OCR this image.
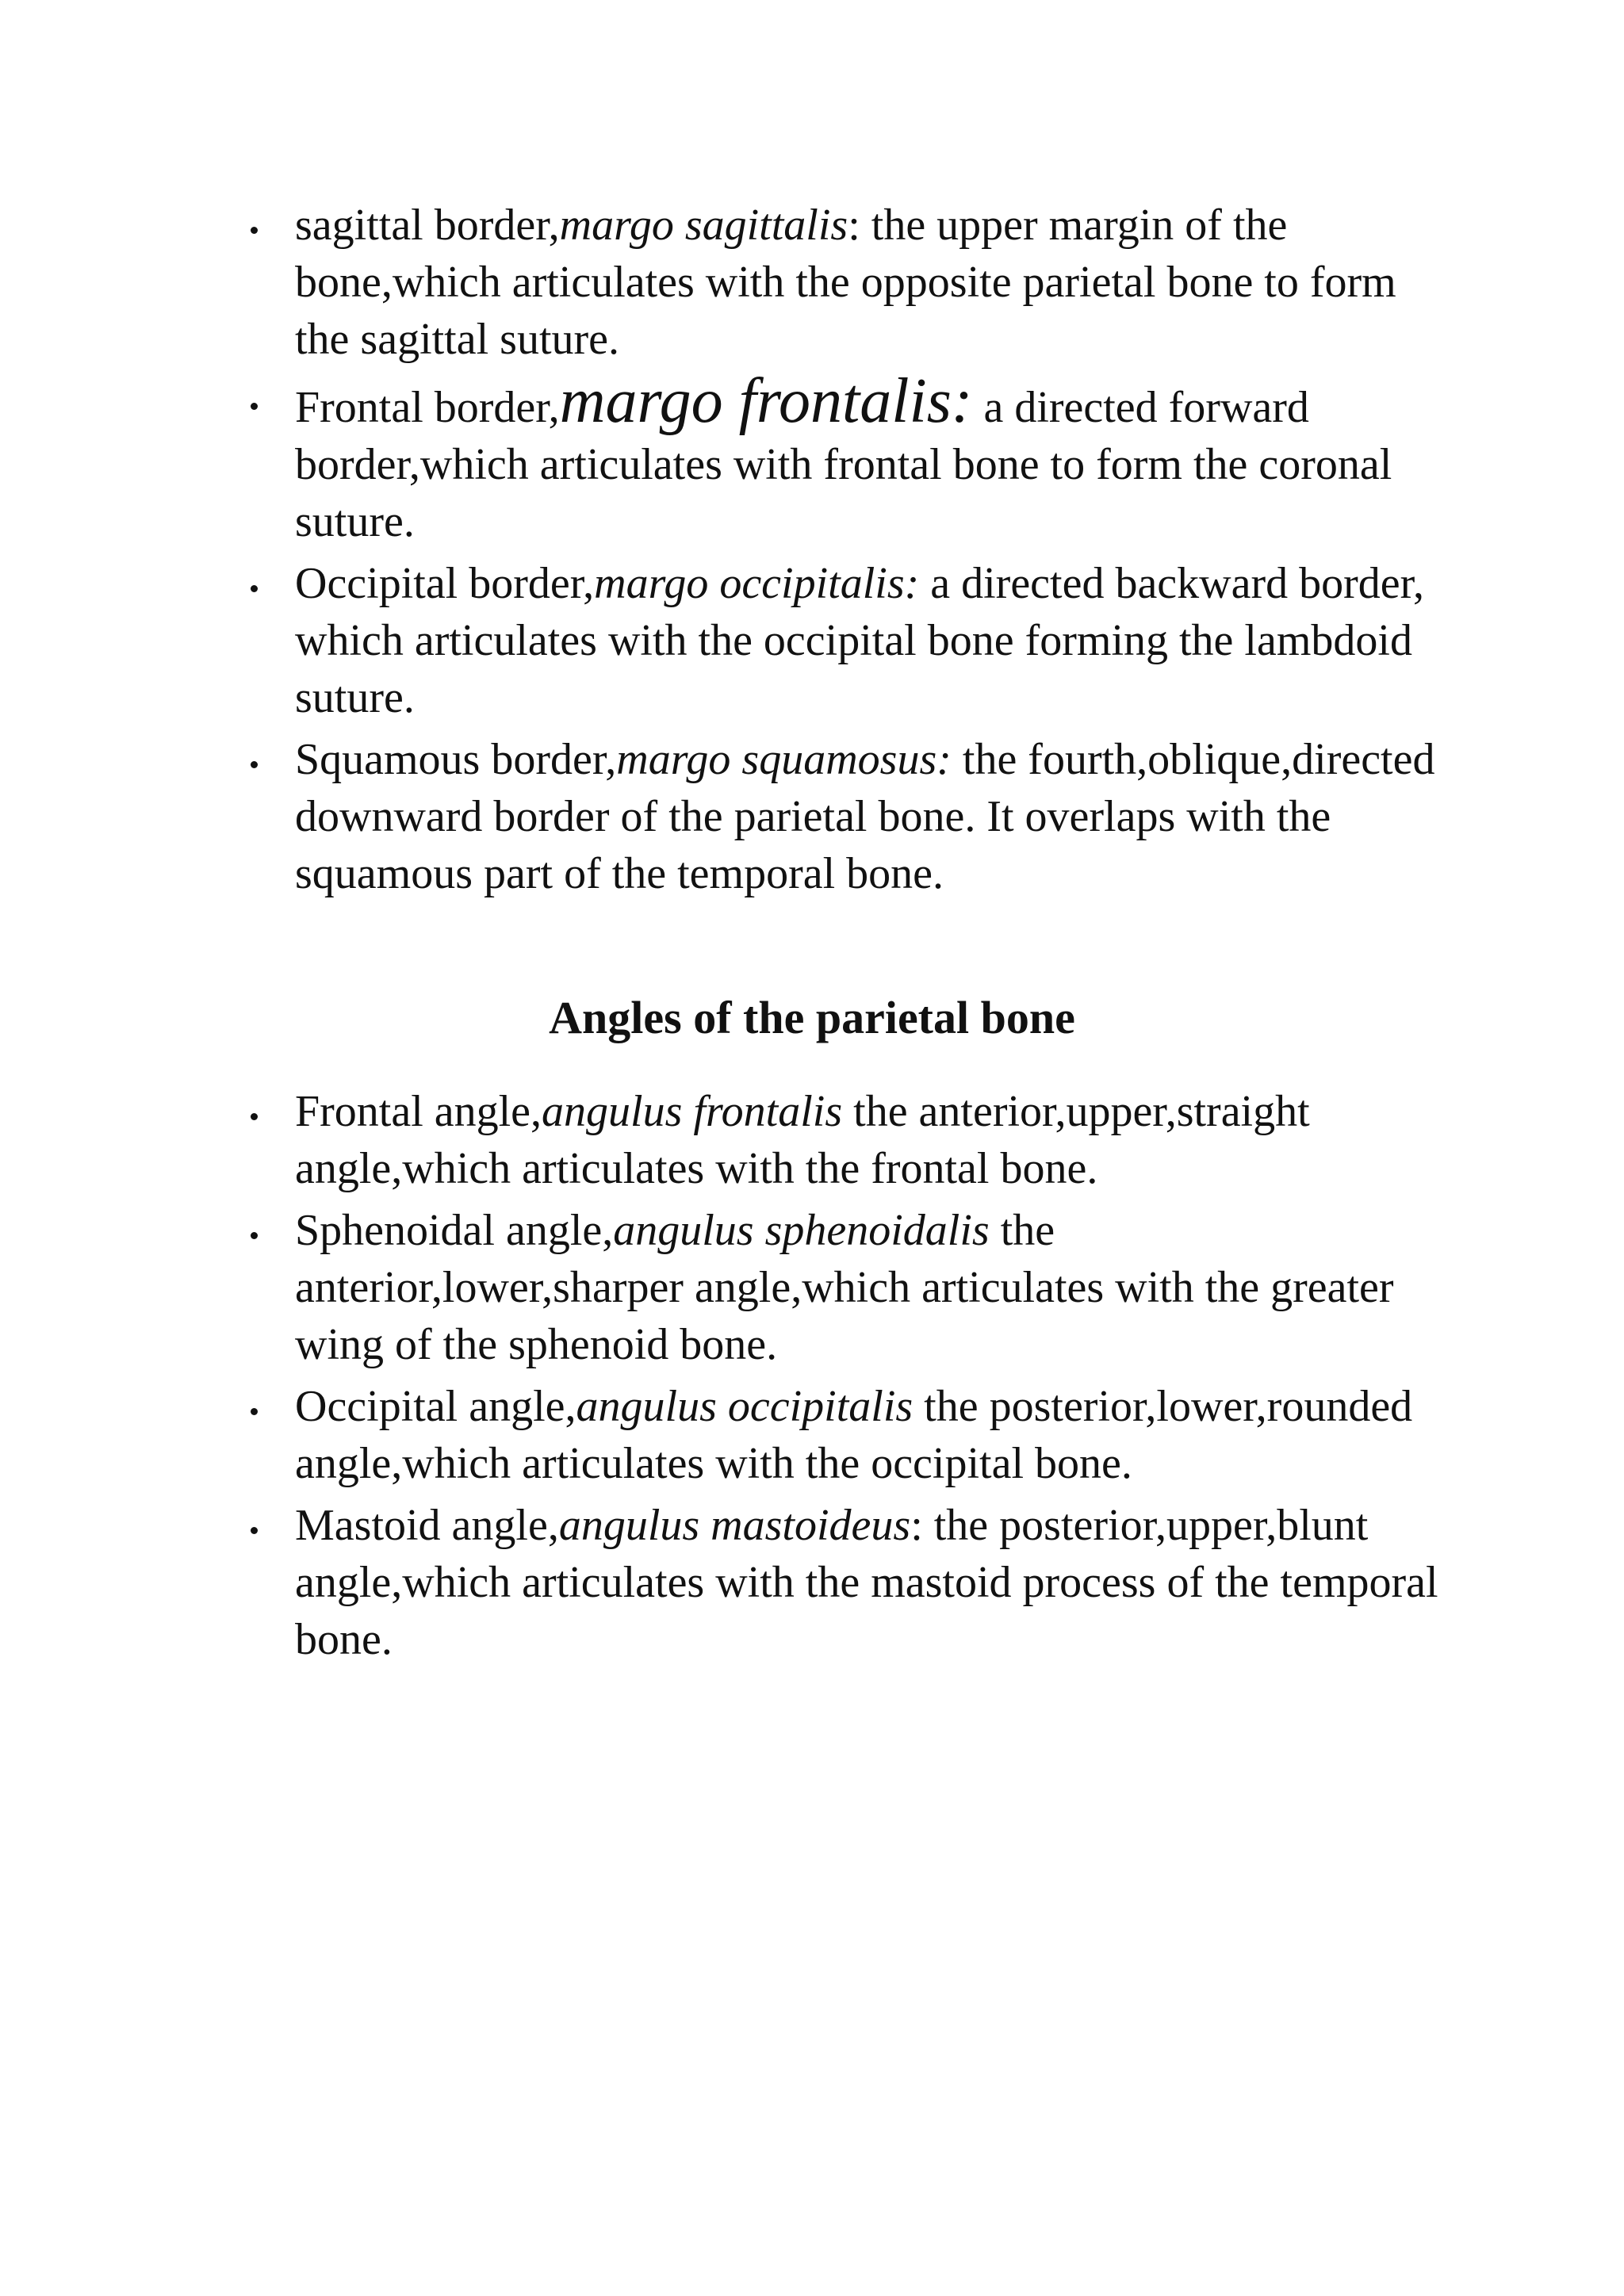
sagittal border,margo sagittalis: the upper margin of the bone,which articulates with the opposite parietal bone to form the sagittal suture.
Frontal border,margo frontalis: a directed forward border,which articulates with frontal bone to form the coronal suture.
Occipital border,margo occipitalis: a directed backward border, which articulates with the occipital bone forming the lambdoid suture.
Squamous border,margo squamosus: the fourth,oblique,directed downward border of the parietal bone. It overlaps with the squamous part of the temporal bone.
Angles of the parietal bone
Frontal angle,angulus frontalis the anterior,upper,straight angle,which articulates with the frontal bone.
Sphenoidal angle,angulus sphenoidalis the anterior,lower,sharper angle,which articulates with the greater wing of the sphenoid bone.
Occipital angle,angulus occipitalis the posterior,lower,rounded angle,which articulates with the occipital bone.
Mastoid angle,angulus mastoideus: the posterior,upper,blunt angle,which articulates with the mastoid process of the temporal bone.
